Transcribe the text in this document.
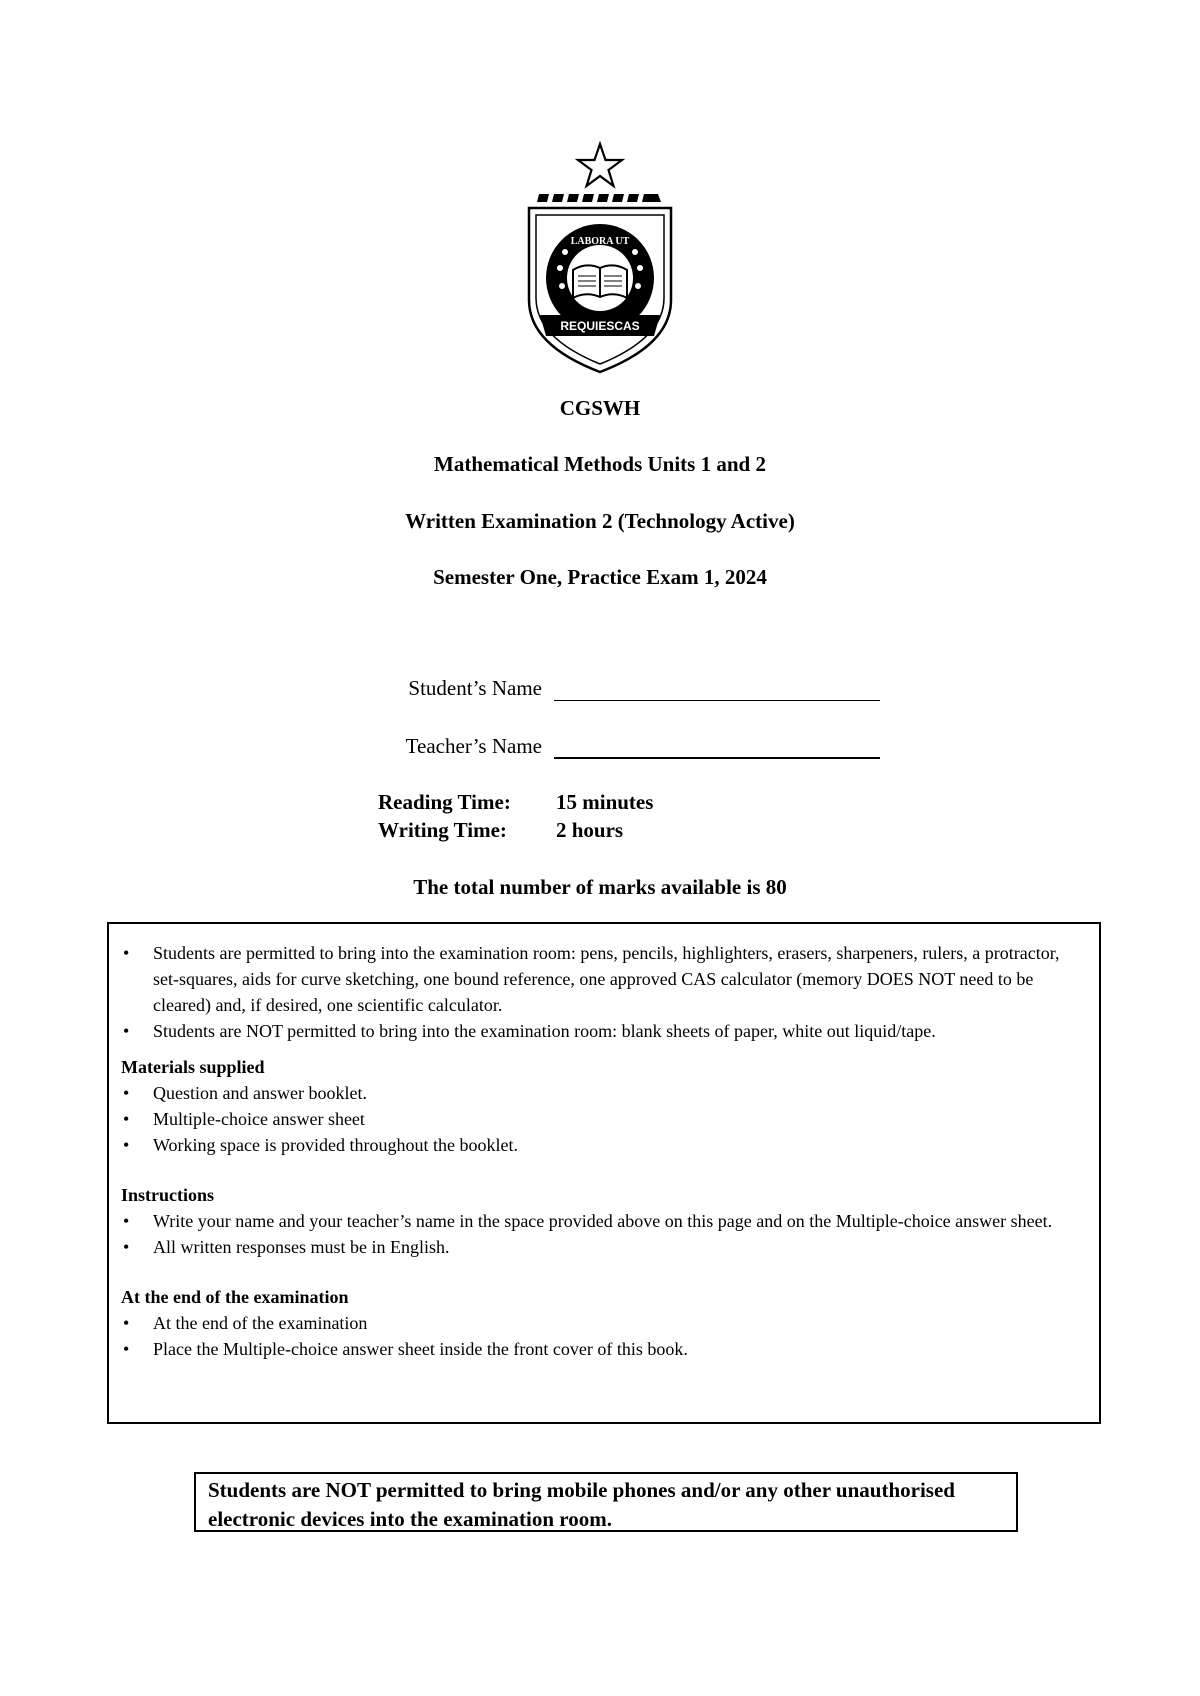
LABORA UT
REQUIESCAS
CGSWH
Mathematical Methods Units 1 and 2
Written Examination 2 (Technology Active)
Semester One, Practice Exam 1, 2024
Student’s Name
Teacher’s Name
Reading Time: 15 minutes
Writing Time: 2 hours
The total number of marks available is 80
• Students are permitted to bring into the examination room: pens, pencils, highlighters, erasers, sharpeners, rulers, a protractor, set-squares, aids for curve sketching, one bound reference, one approved CAS calculator (memory DOES NOT need to be cleared) and, if desired, one scientific calculator.
• Students are NOT permitted to bring into the examination room: blank sheets of paper, white out liquid/tape.
Materials supplied
• Question and answer booklet.
• Multiple-choice answer sheet
• Working space is provided throughout the booklet.
Instructions
• Write your name and your teacher’s name in the space provided above on this page and on the Multiple-choice answer sheet.
• All written responses must be in English.
At the end of the examination
• At the end of the examination
• Place the Multiple-choice answer sheet inside the front cover of this book.
Students are NOT permitted to bring mobile phones and/or any other unauthorised electronic devices into the examination room.
